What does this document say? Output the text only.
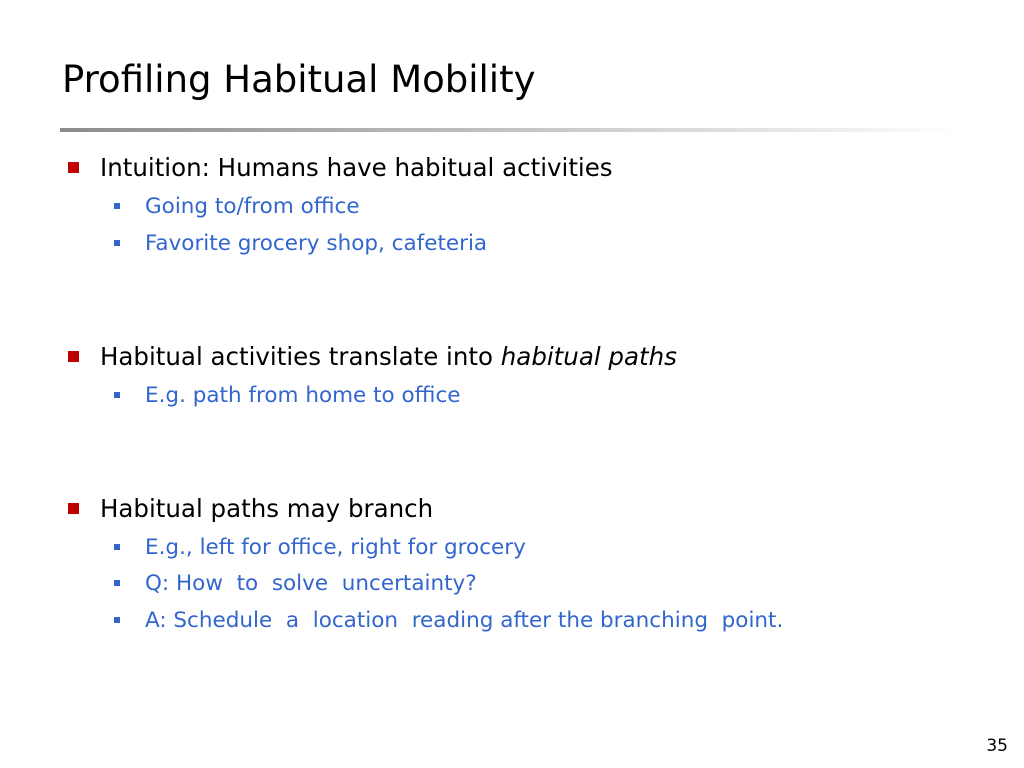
Profiling Habitual Mobility
Intuition: Humans have habitual activities
Going to/from office
Favorite grocery shop, cafeteria
Habitual activities translate into habitual paths
E.g. path from home to office
Habitual paths may branch
E.g., left for office, right for grocery
Q: How  to  solve  uncertainty?
A: Schedule  a  location  reading after the branching  point.
35
